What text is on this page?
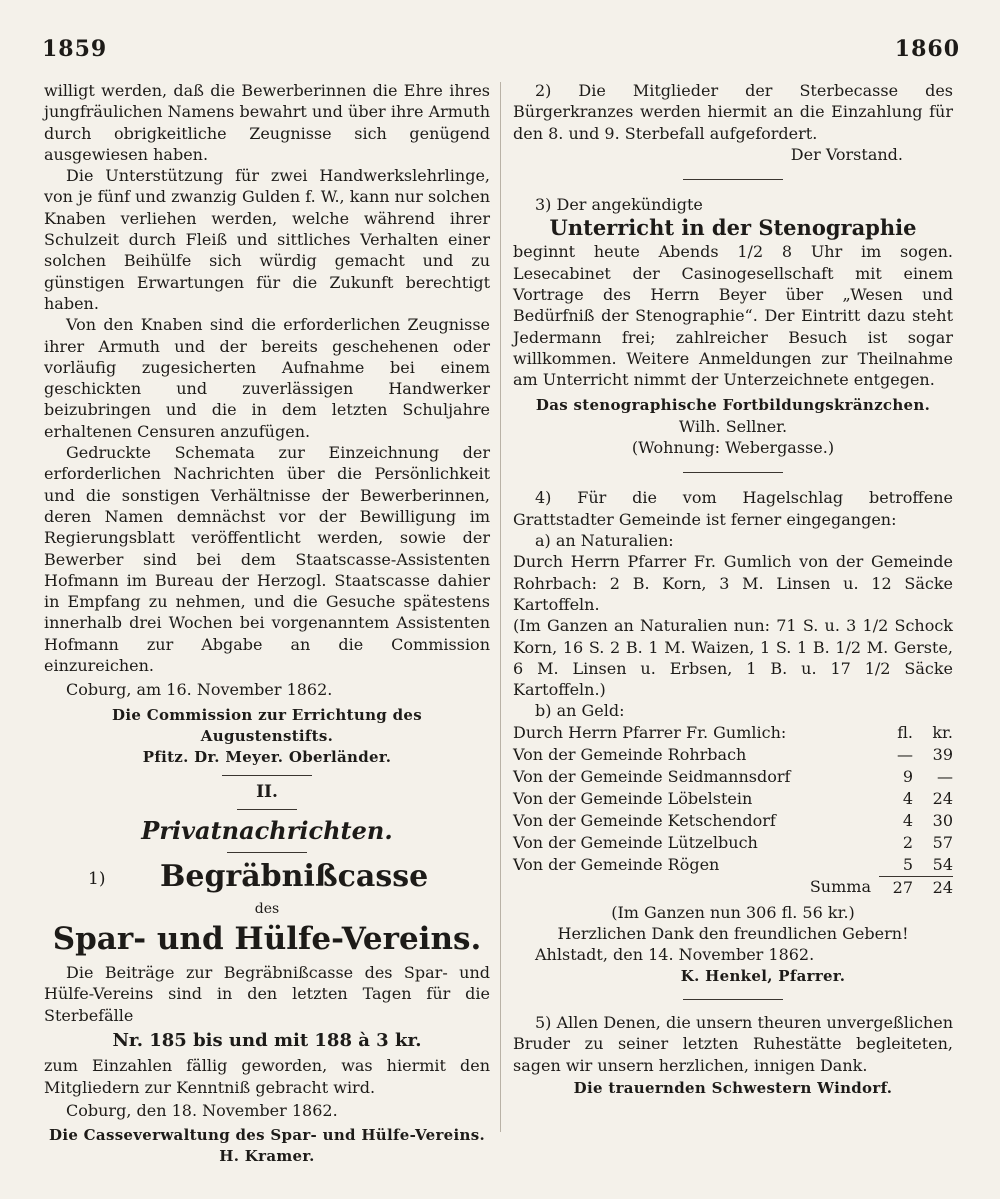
1859	1860

willigt werden, daß die Bewerberinnen die Ehre ihres jungfräulichen Namens bewahrt und über ihre Armuth durch obrigkeitliche Zeugnisse sich genügend ausgewiesen haben.

Die Unterstützung für zwei Handwerkslehrlinge, von je fünf und zwanzig Gulden f. W., kann nur solchen Knaben verliehen werden, welche während ihrer Schulzeit durch Fleiß und sittliches Verhalten einer solchen Beihülfe sich würdig gemacht und zu günstigen Erwartungen für die Zukunft berechtigt haben.

Von den Knaben sind die erforderlichen Zeugnisse ihrer Armuth und der bereits geschehenen oder vorläufig zugesicherten Aufnahme bei einem geschickten und zuverlässigen Handwerker beizubringen und die in dem letzten Schuljahre erhaltenen Censuren anzufügen.

Gedruckte Schemata zur Einzeichnung der erforderlichen Nachrichten über die Persönlichkeit und die sonstigen Verhältnisse der Bewerberinnen, deren Namen demnächst vor der Bewilligung im Regierungsblatt veröffentlicht werden, sowie der Bewerber sind bei dem Staatscasse-Assistenten Hofmann im Bureau der Herzogl. Staatscasse dahier in Empfang zu nehmen, und die Gesuche spätestens innerhalb drei Wochen bei vorgenanntem Assistenten Hofmann zur Abgabe an die Commission einzureichen.

Coburg, am 16. November 1862.

Die Commission zur Errichtung des Augustenstifts.

Pfitz. Dr. Meyer. Oberländer.

II.

Privatnachrichten.

1) Begräbnißcasse

des

Spar- und Hülfe-Vereins.

Die Beiträge zur Begräbnißcasse des Spar- und Hülfe-Vereins sind in den letzten Tagen für die Sterbefälle

Nr. 185 bis und mit 188 à 3 kr.

zum Einzahlen fällig geworden, was hiermit den Mitgliedern zur Kenntniß gebracht wird.

Coburg, den 18. November 1862.

Die Casseverwaltung des Spar- und Hülfe-Vereins.

H. Kramer.

2) Die Mitglieder der Sterbecasse des Bürgerkranzes werden hiermit an die Einzahlung für den 8. und 9. Sterbefall aufgefordert.

Der Vorstand.

3) Der angekündigte

Unterricht in der Stenographie

beginnt heute Abends 1/2 8 Uhr im sogen. Lesecabinet der Casinogesellschaft mit einem Vortrage des Herrn Beyer über „Wesen und Bedürfniß der Stenographie“. Der Eintritt dazu steht Jedermann frei; zahlreicher Besuch ist sogar willkommen. Weitere Anmeldungen zur Theilnahme am Unterricht nimmt der Unterzeichnete entgegen.

Das stenographische Fortbildungskränzchen.

Wilh. Sellner.

(Wohnung: Webergasse.)

4) Für die vom Hagelschlag betroffene Grattstadter Gemeinde ist ferner eingegangen:

a) an Naturalien:

Durch Herrn Pfarrer Fr. Gumlich von der Gemeinde Rohrbach: 2 B. Korn, 3 M. Linsen u. 12 Säcke Kartoffeln.

(Im Ganzen an Naturalien nun: 71 S. u. 3 1/2 Schock Korn, 16 S. 2 B. 1 M. Waizen, 1 S. 1 B. 1/2 M. Gerste, 6 M. Linsen u. Erbsen, 1 B. u. 17 1/2 Säcke Kartoffeln.)

b) an Geld:

Durch Herrn Pfarrer Fr. Gumlich:	fl.	kr.
Von der Gemeinde Rohrbach	—	39
Von der Gemeinde Seidmannsdorf	9	—
Von der Gemeinde Löbelstein	4	24
Von der Gemeinde Ketschendorf	4	30
Von der Gemeinde Lützelbuch	2	57
Von der Gemeinde Rögen	5	54
Summa	27	24

(Im Ganzen nun 306 fl. 56 kr.)

Herzlichen Dank den freundlichen Gebern!

Ahlstadt, den 14. November 1862.

K. Henkel, Pfarrer.

5) Allen Denen, die unsern theuren unvergeßlichen Bruder zu seiner letzten Ruhestätte begleiteten, sagen wir unsern herzlichen, innigen Dank.

Die trauernden Schwestern Windorf.
